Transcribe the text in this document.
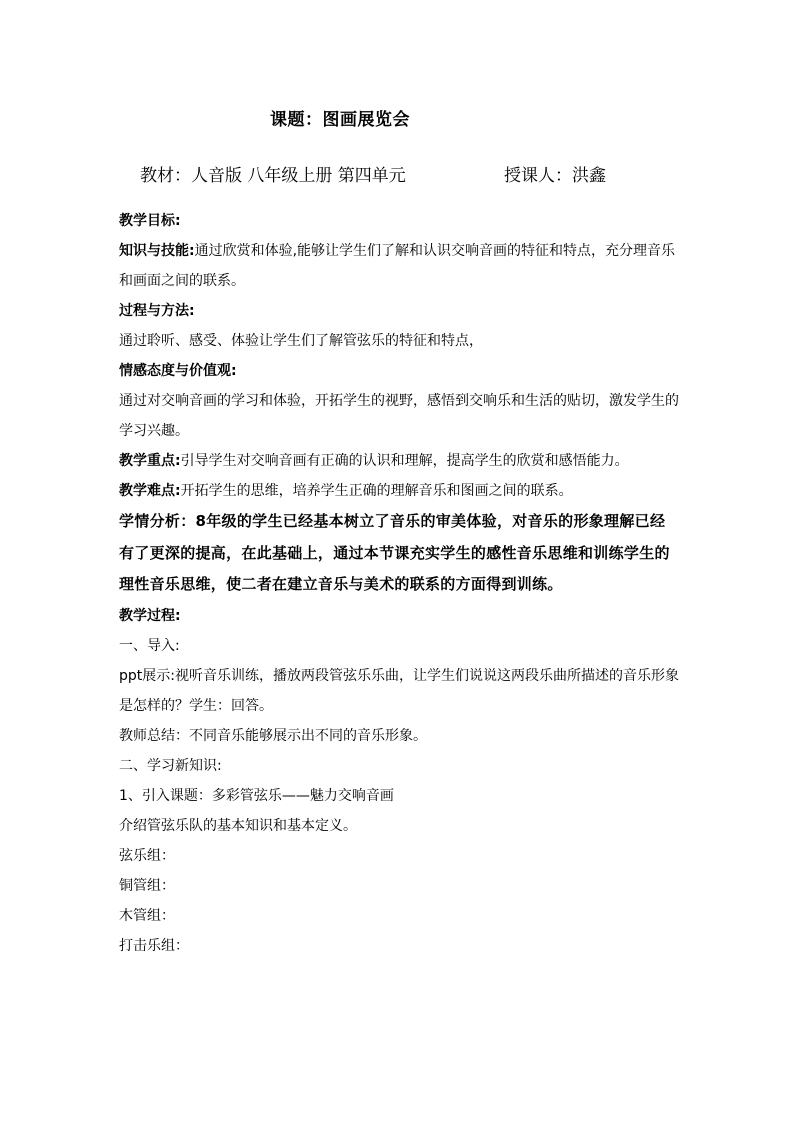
课题：图画展览会
教材：人音版 八年级上册 第四单元	授课人：洪鑫

教学目标:

知识与技能:通过欣赏和体验,能够让学生们了解和认识交响音画的特征和特点，充分理音乐和画面之间的联系。

过程与方法:

通过聆听、感受、体验让学生们了解管弦乐的特征和特点，

情感态度与价值观:

通过对交响音画的学习和体验，开拓学生的视野，感悟到交响乐和生活的贴切，激发学生的学习兴趣。

教学重点:引导学生对交响音画有正确的认识和理解，提高学生的欣赏和感悟能力。

教学难点:开拓学生的思维，培养学生正确的理解音乐和图画之间的联系。

学情分析：8年级的学生已经基本树立了音乐的审美体验，对音乐的形象理解已经有了更深的提高，在此基础上，通过本节课充实学生的感性音乐思维和训练学生的理性音乐思维，使二者在建立音乐与美术的联系的方面得到训练。

教学过程:

一、导入:

ppt展示:视听音乐训练，播放两段管弦乐乐曲，让学生们说说这两段乐曲所描述的音乐形象是怎样的？学生：回答。

教师总结：不同音乐能够展示出不同的音乐形象。

二、学习新知识:

1、引入课题：多彩管弦乐——魅力交响音画

介绍管弦乐队的基本知识和基本定义。

弦乐组：

铜管组：

木管组：

打击乐组：
